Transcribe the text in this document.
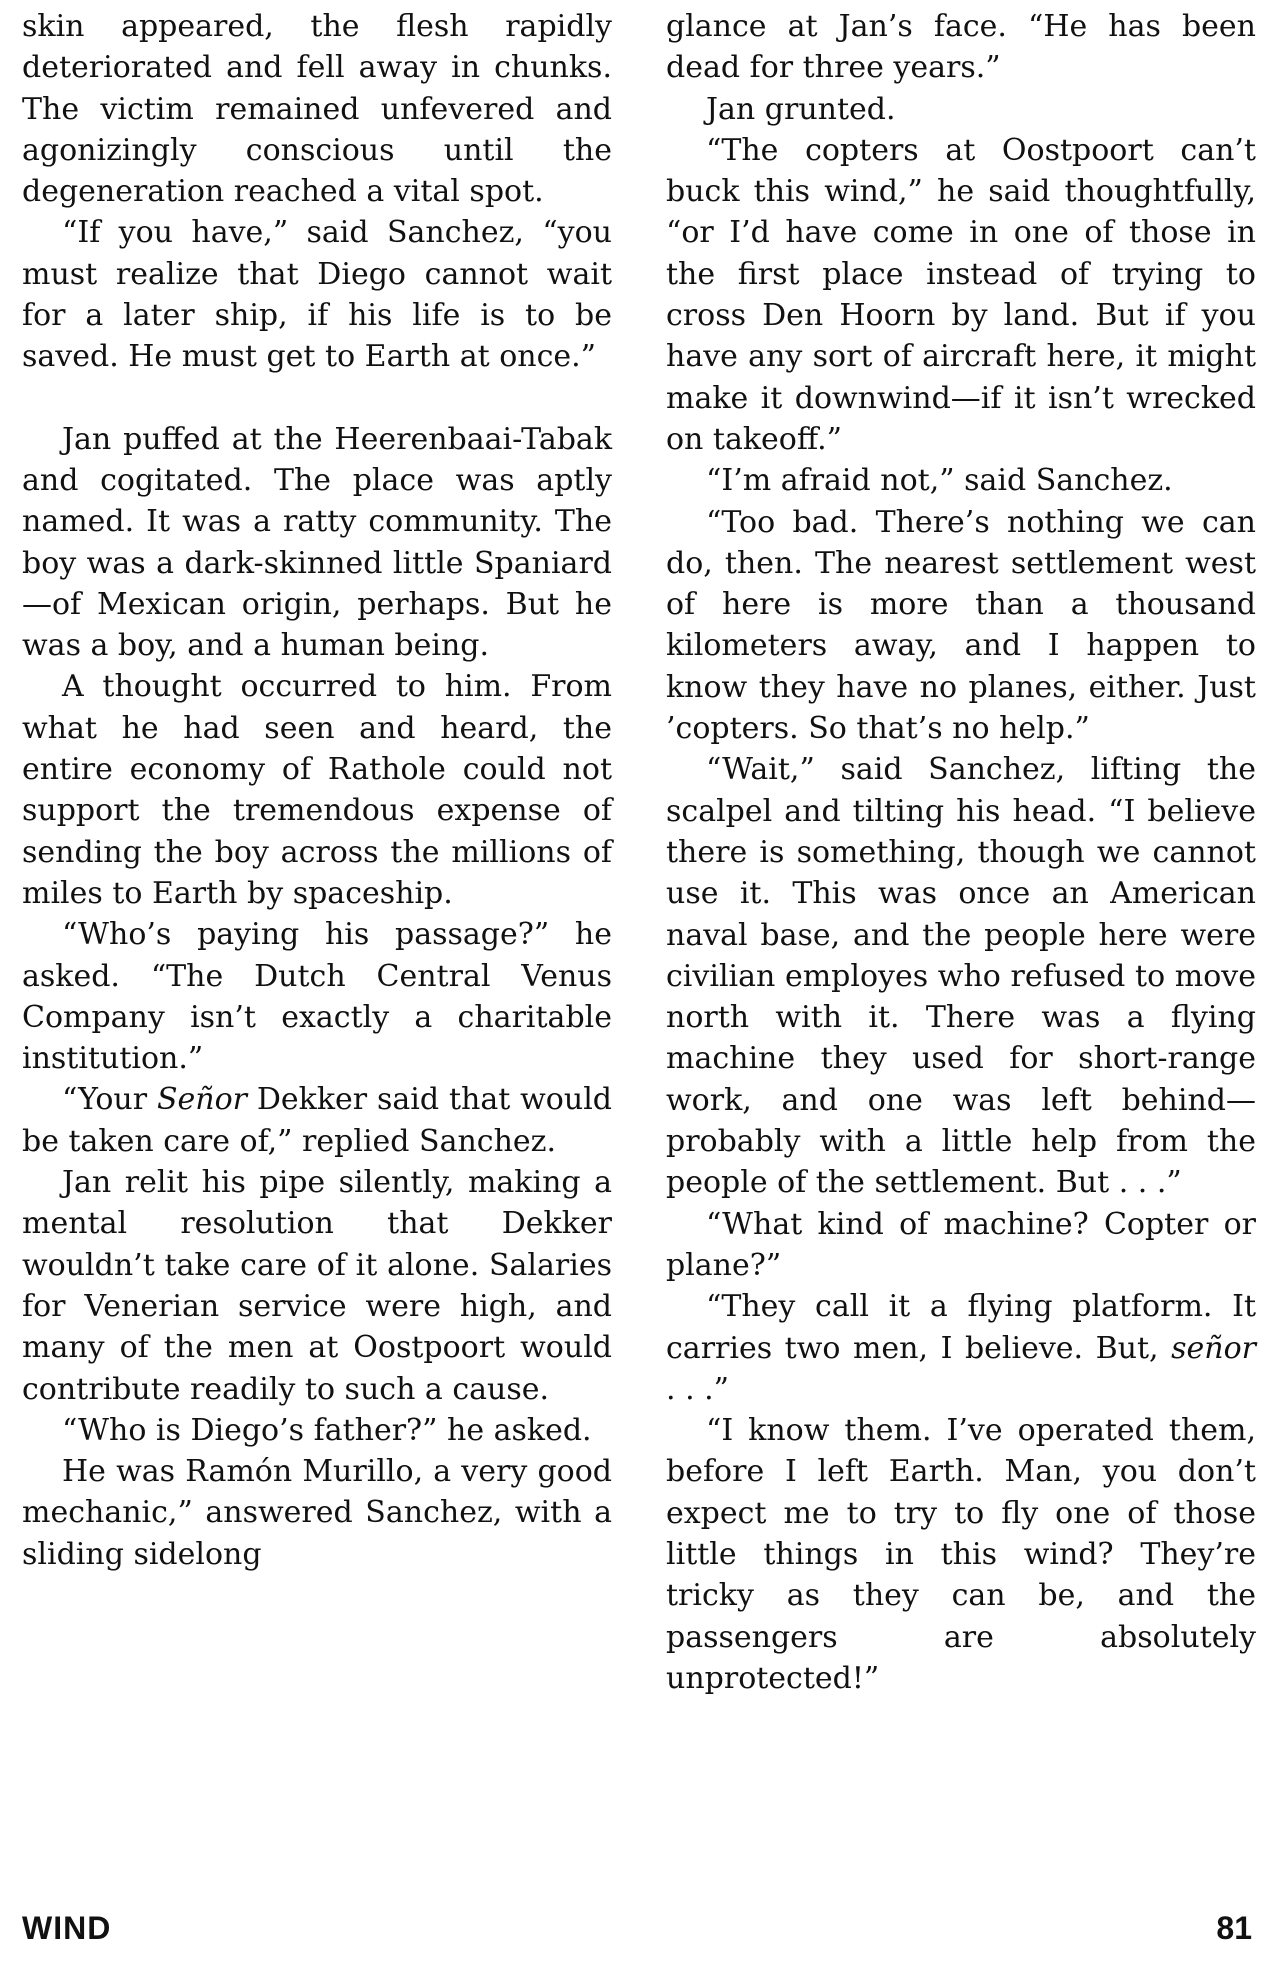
skin appeared, the flesh rapidly deteriorated and fell away in chunks. The victim remained unfevered and agonizingly conscious until the degeneration reached a vital spot.

“If you have,” said Sanchez, “you must realize that Diego cannot wait for a later ship, if his life is to be saved. He must get to Earth at once.”

Jan puffed at the Heerenbaai-Tabak and cogitated. The place was aptly named. It was a ratty community. The boy was a dark-skinned little Spaniard—of Mexican origin, perhaps. But he was a boy, and a human being.

A thought occurred to him. From what he had seen and heard, the entire economy of Rathole could not support the tremendous expense of sending the boy across the millions of miles to Earth by spaceship.

“Who’s paying his passage?” he asked. “The Dutch Central Venus Company isn’t exactly a charitable institution.”

“Your Señor Dekker said that would be taken care of,” replied Sanchez.

Jan relit his pipe silently, making a mental resolution that Dekker wouldn’t take care of it alone. Salaries for Venerian service were high, and many of the men at Oostpoort would contribute readily to such a cause.

“Who is Diego’s father?” he asked.

He was Ramón Murillo, a very good mechanic,” answered Sanchez, with a sliding sidelong

glance at Jan’s face. “He has been dead for three years.”

Jan grunted.

“The copters at Oostpoort can’t buck this wind,” he said thoughtfully, “or I’d have come in one of those in the first place instead of trying to cross Den Hoorn by land. But if you have any sort of aircraft here, it might make it downwind—if it isn’t wrecked on takeoff.”

“I’m afraid not,” said Sanchez.

“Too bad. There’s nothing we can do, then. The nearest settlement west of here is more than a thousand kilometers away, and I happen to know they have no planes, either. Just ’copters. So that’s no help.”

“Wait,” said Sanchez, lifting the scalpel and tilting his head. “I believe there is something, though we cannot use it. This was once an American naval base, and the people here were civilian employes who refused to move north with it. There was a flying machine they used for short-range work, and one was left behind—probably with a little help from the people of the settlement. But . . .”

“What kind of machine? Copter or plane?”

“They call it a flying platform. It carries two men, I believe. But, señor . . .”

“I know them. I’ve operated them, before I left Earth. Man, you don’t expect me to try to fly one of those little things in this wind? They’re tricky as they can be, and the passengers are absolutely unprotected!”

WIND	81
